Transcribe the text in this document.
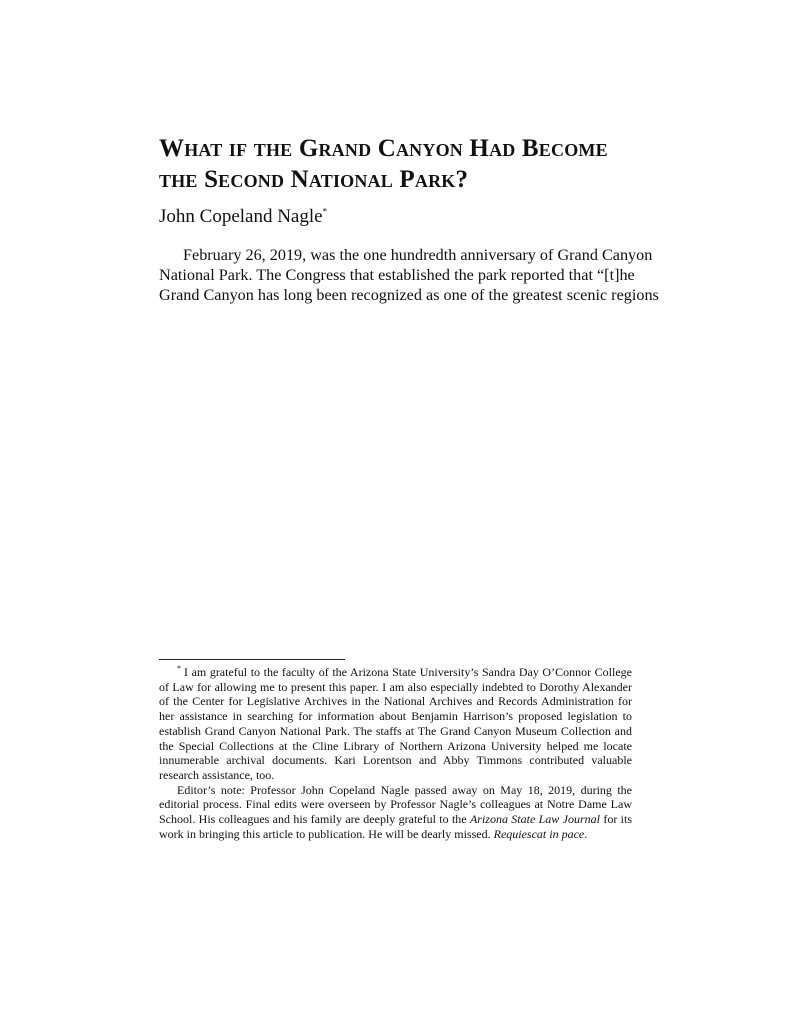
What if the Grand Canyon Had Become
the Second National Park?
John Copeland Nagle*
February 26, 2019, was the one hundredth anniversary of Grand Canyon
National Park. The Congress that established the park reported that “[t]he
Grand Canyon has long been recognized as one of the greatest scenic regions
* I am grateful to the faculty of the Arizona State University’s Sandra Day O’Connor College
of Law for allowing me to present this paper. I am also especially indebted to Dorothy Alexander
of the Center for Legislative Archives in the National Archives and Records Administration for
her assistance in searching for information about Benjamin Harrison’s proposed legislation to
establish Grand Canyon National Park. The staffs at The Grand Canyon Museum Collection and
the Special Collections at the Cline Library of Northern Arizona University helped me locate
innumerable archival documents. Kari Lorentson and Abby Timmons contributed valuable
research assistance, too.
Editor’s note: Professor John Copeland Nagle passed away on May 18, 2019, during the
editorial process. Final edits were overseen by Professor Nagle’s colleagues at Notre Dame Law
School. His colleagues and his family are deeply grateful to the Arizona State Law Journal for its
work in bringing this article to publication. He will be dearly missed. Requiescat in pace.
